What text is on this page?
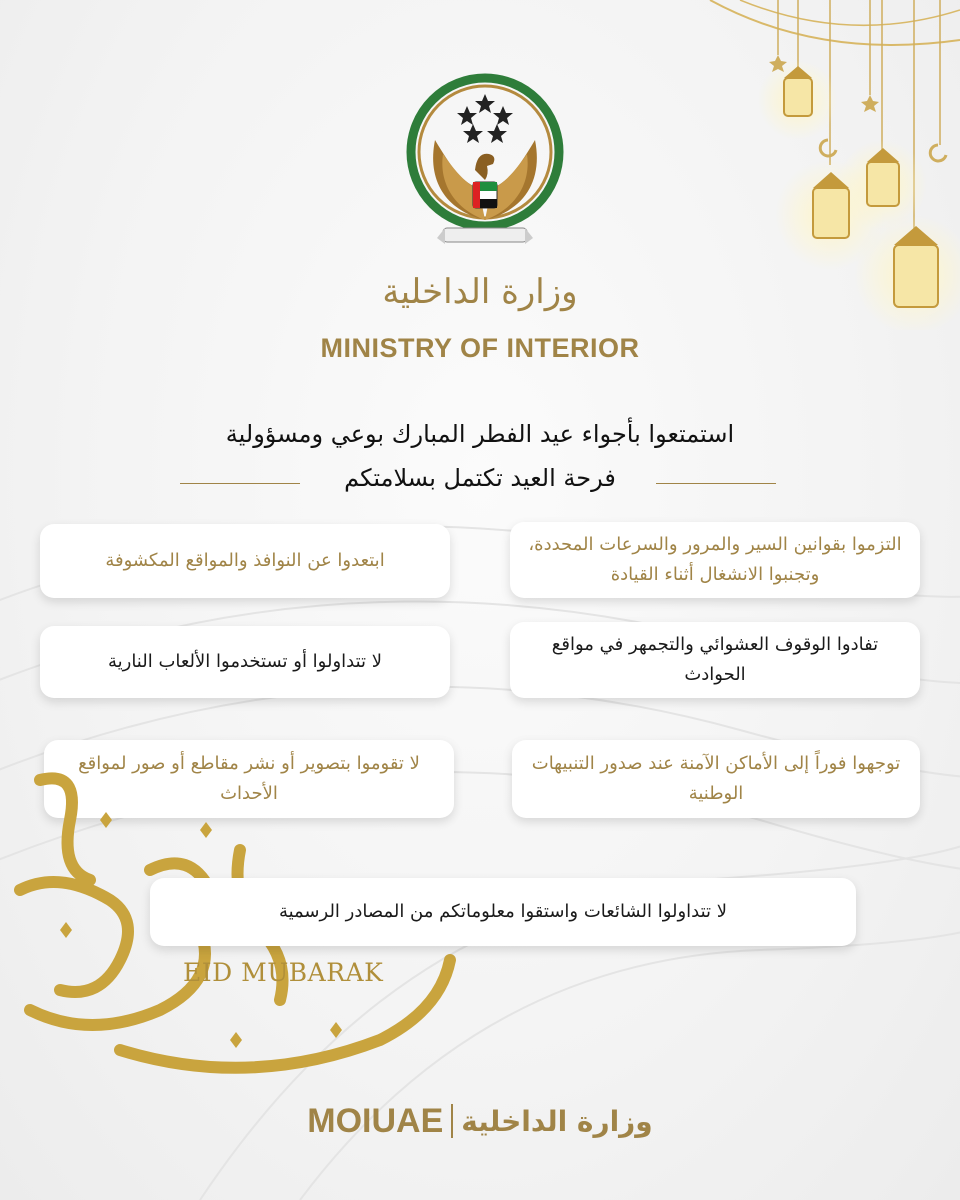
وزارة الداخلية
MINISTRY OF INTERIOR
استمتعوا بأجواء عيد الفطر المبارك بوعي ومسؤولية
فرحة العيد تكتمل بسلامتكم
التزموا بقوانين السير والمرور والسرعات المحددة، وتجنبوا الانشغال أثناء القيادة
تفادوا الوقوف العشوائي والتجمهر في مواقع الحوادث
توجهوا فوراً إلى الأماكن الآمنة عند صدور التنبيهات الوطنية
ابتعدوا عن النوافذ والمواقع المكشوفة
لا تتداولوا أو تستخدموا الألعاب النارية
لا تقوموا بتصوير أو نشر مقاطع أو صور لمواقع الأحداث
لا تتداولوا الشائعات واستقوا معلوماتكم من المصادر الرسمية
EID MUBARAK
MOIUAE وزارة الداخلية
